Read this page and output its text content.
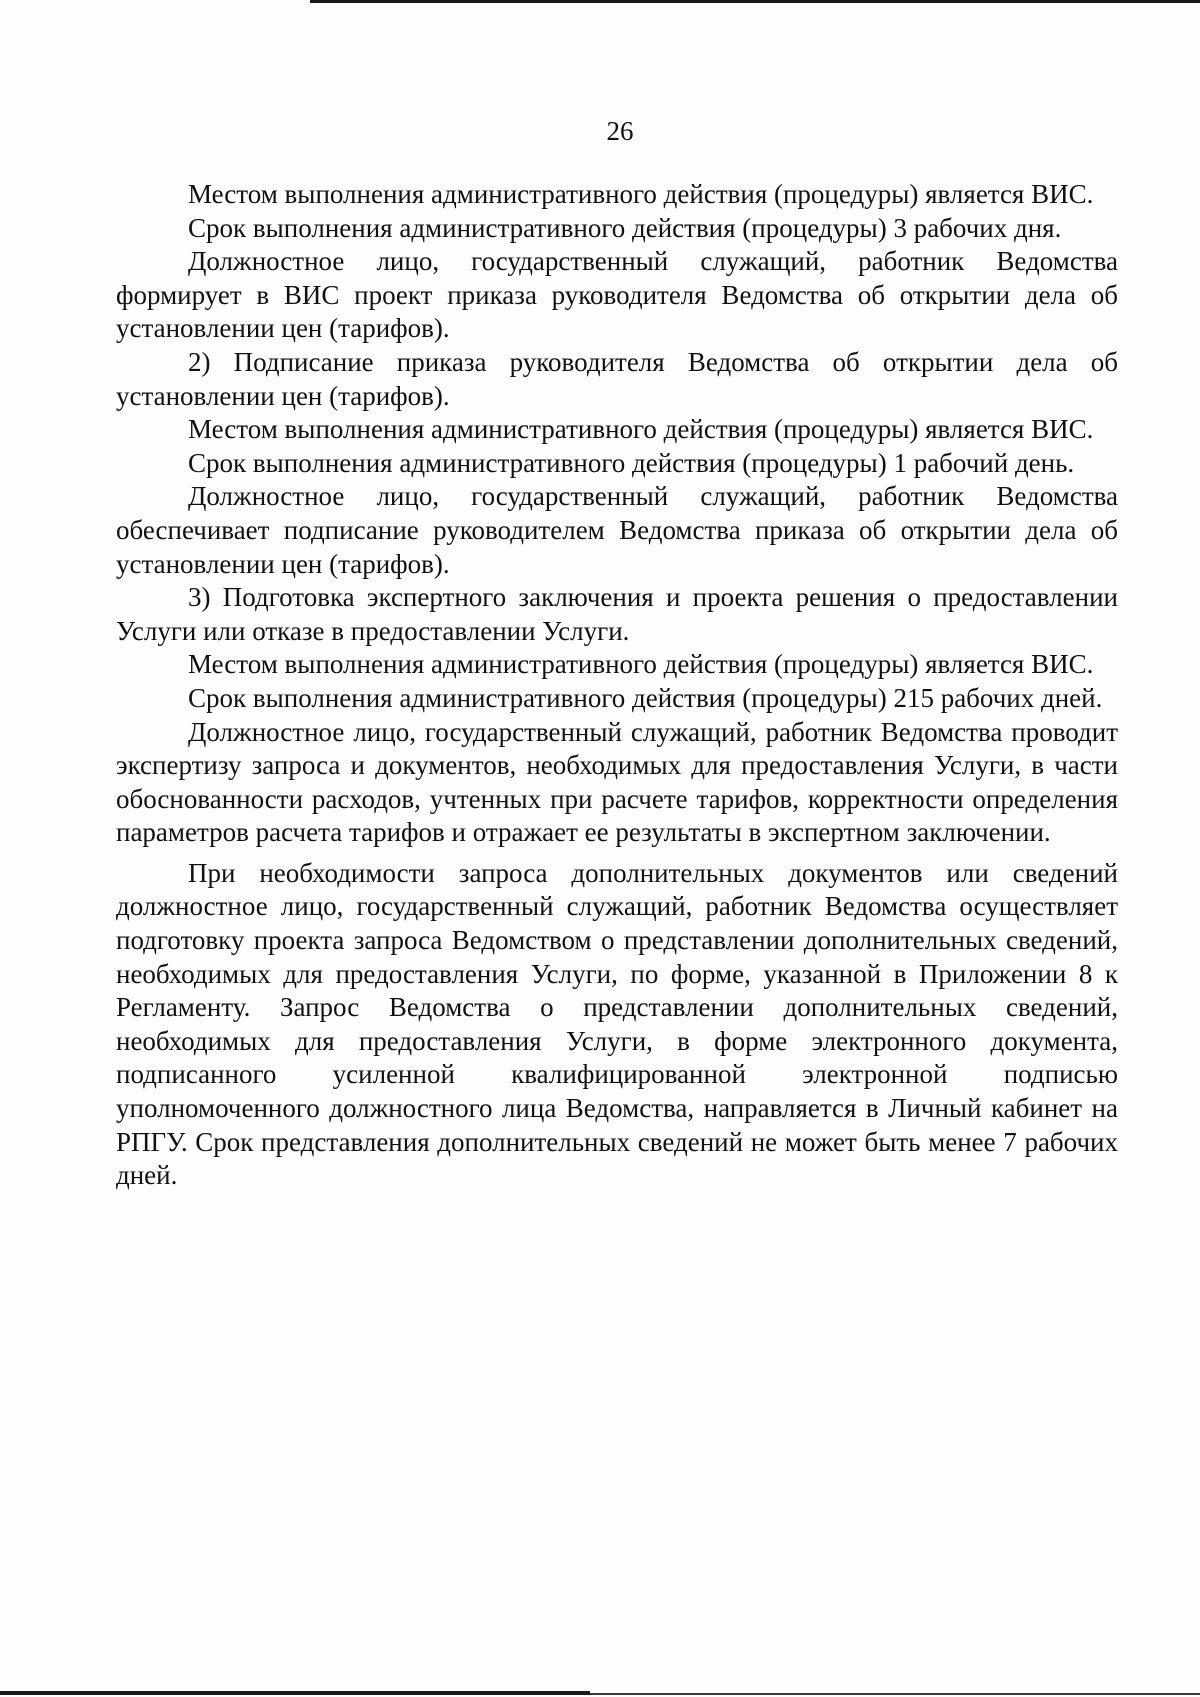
26

Местом выполнения административного действия (процедуры) является ВИС.

Срок выполнения административного действия (процедуры) 3 рабочих дня.

Должностное лицо, государственный служащий, работник Ведомства формирует в ВИС проект приказа руководителя Ведомства об открытии дела об установлении цен (тарифов).

2) Подписание приказа руководителя Ведомства об открытии дела об установлении цен (тарифов).

Местом выполнения административного действия (процедуры) является ВИС.

Срок выполнения административного действия (процедуры) 1 рабочий день.

Должностное лицо, государственный служащий, работник Ведомства обеспечивает подписание руководителем Ведомства приказа об открытии дела об установлении цен (тарифов).

3) Подготовка экспертного заключения и проекта решения о предоставлении Услуги или отказе в предоставлении Услуги.

Местом выполнения административного действия (процедуры) является ВИС.

Срок выполнения административного действия (процедуры) 215 рабочих дней.

Должностное лицо, государственный служащий, работник Ведомства проводит экспертизу запроса и документов, необходимых для предоставления Услуги, в части обоснованности расходов, учтенных при расчете тарифов, корректности определения параметров расчета тарифов и отражает ее результаты в экспертном заключении.

При необходимости запроса дополнительных документов или сведений должностное лицо, государственный служащий, работник Ведомства осуществляет подготовку проекта запроса Ведомством о представлении дополнительных сведений, необходимых для предоставления Услуги, по форме, указанной в Приложении 8 к Регламенту. Запрос Ведомства о представлении дополнительных сведений, необходимых для предоставления Услуги, в форме электронного документа, подписанного усиленной квалифицированной электронной подписью уполномоченного должностного лица Ведомства, направляется в Личный кабинет на РПГУ. Срок представления дополнительных сведений не может быть менее 7 рабочих дней.
